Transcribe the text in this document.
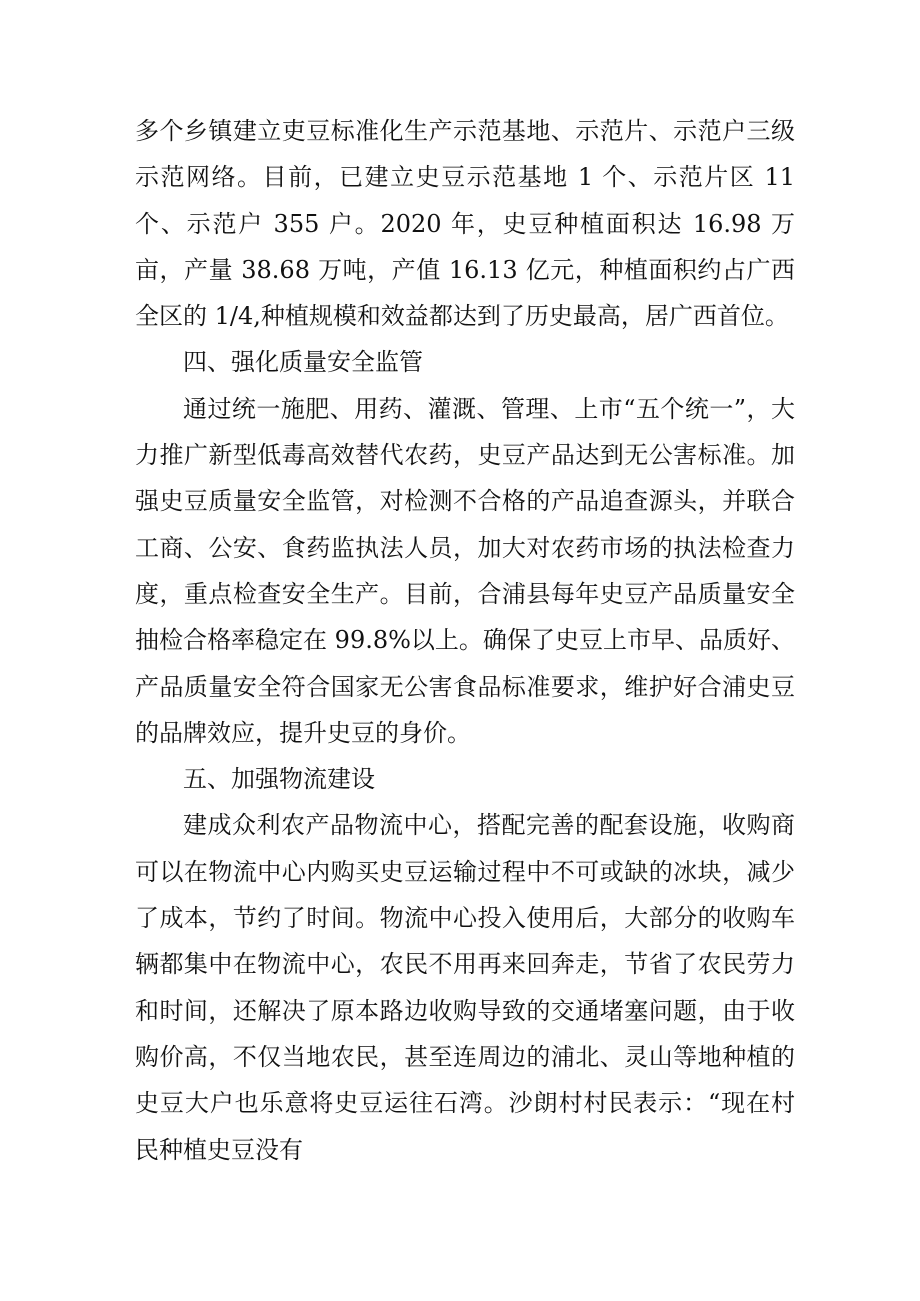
多个乡镇建立吏豆标准化生产示范基地、示范片、示范户三级示范网络。目前，已建立史豆示范基地 1 个、示范片区 11 个、示范户 355 户。2020 年，史豆种植面积达 16.98 万亩，产量 38.68 万吨，产值 16.13 亿元，种植面积约占广西全区的 1/4,种植规模和效益都达到了历史最高，居广西首位。

四、强化质量安全监管

通过统一施肥、用药、灌溉、管理、上市“五个统一”，大力推广新型低毒高效替代农药，史豆产品达到无公害标准。加强史豆质量安全监管，对检测不合格的产品追查源头，并联合工商、公安、食药监执法人员，加大对农药市场的执法检查力度，重点检查安全生产。目前，合浦县每年史豆产品质量安全抽检合格率稳定在 99.8%以上。确保了史豆上市早、品质好、产品质量安全符合国家无公害食品标准要求，维护好合浦史豆的品牌效应，提升史豆的身价。

五、加强物流建设

建成众利农产品物流中心，搭配完善的配套设施，收购商可以在物流中心内购买史豆运输过程中不可或缺的冰块，减少了成本，节约了时间。物流中心投入使用后，大部分的收购车辆都集中在物流中心，农民不用再来回奔走，节省了农民劳力和时间，还解决了原本路边收购导致的交通堵塞问题，由于收购价高，不仅当地农民，甚至连周边的浦北、灵山等地种植的史豆大户也乐意将史豆运往石湾。沙朗村村民表示：“现在村民种植史豆没有
